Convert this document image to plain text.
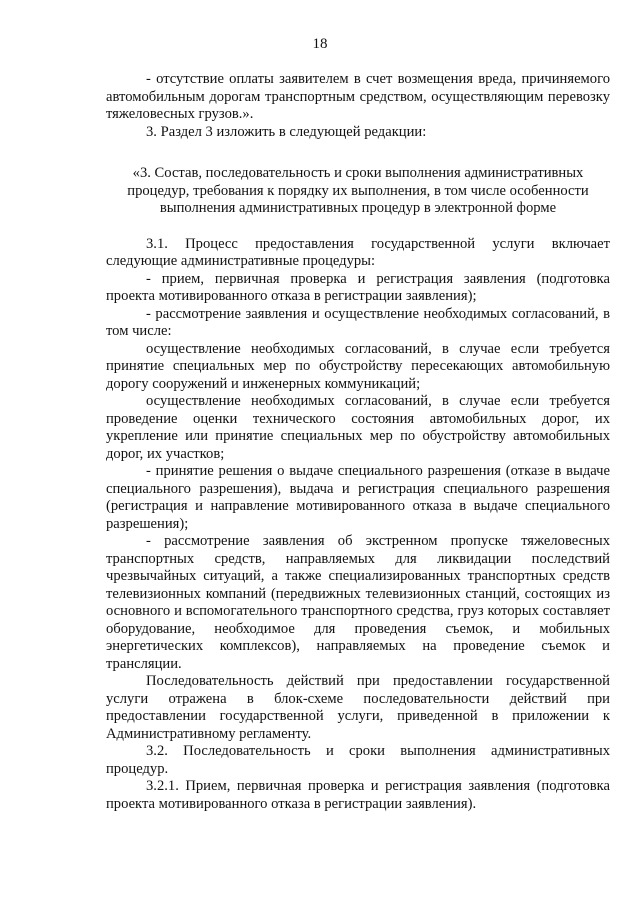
18

- отсутствие оплаты заявителем в счет возмещения вреда, причиняемого автомобильным дорогам транспортным средством, осуществляющим перевозку тяжеловесных грузов.».

3. Раздел 3 изложить в следующей редакции:

«3. Состав, последовательность и сроки выполнения административных процедур, требования к порядку их выполнения, в том числе особенности выполнения административных процедур в электронной форме

3.1. Процесс предоставления государственной услуги включает следующие административные процедуры:

- прием, первичная проверка и регистрация заявления (подготовка проекта мотивированного отказа в регистрации заявления);

- рассмотрение заявления и осуществление необходимых согласований, в том числе:

осуществление необходимых согласований, в случае если требуется принятие специальных мер по обустройству пересекающих автомобильную дорогу сооружений и инженерных коммуникаций;

осуществление необходимых согласований, в случае если требуется проведение оценки технического состояния автомобильных дорог, их укрепление или принятие специальных мер по обустройству автомобильных дорог, их участков;

- принятие решения о выдаче специального разрешения (отказе в выдаче специального разрешения), выдача и регистрация специального разрешения (регистрация и направление мотивированного отказа в выдаче специального разрешения);

- рассмотрение заявления об экстренном пропуске тяжеловесных транспортных средств, направляемых для ликвидации последствий чрезвычайных ситуаций, а также специализированных транспортных средств телевизионных компаний (передвижных телевизионных станций, состоящих из основного и вспомогательного транспортного средства, груз которых составляет оборудование, необходимое для проведения съемок, и мобильных энергетических комплексов), направляемых на проведение съемок и трансляции.

Последовательность действий при предоставлении государственной услуги отражена в блок-схеме последовательности действий при предоставлении государственной услуги, приведенной в приложении к Административному регламенту.

3.2. Последовательность и сроки выполнения административных процедур.

3.2.1. Прием, первичная проверка и регистрация заявления (подготовка проекта мотивированного отказа в регистрации заявления).
